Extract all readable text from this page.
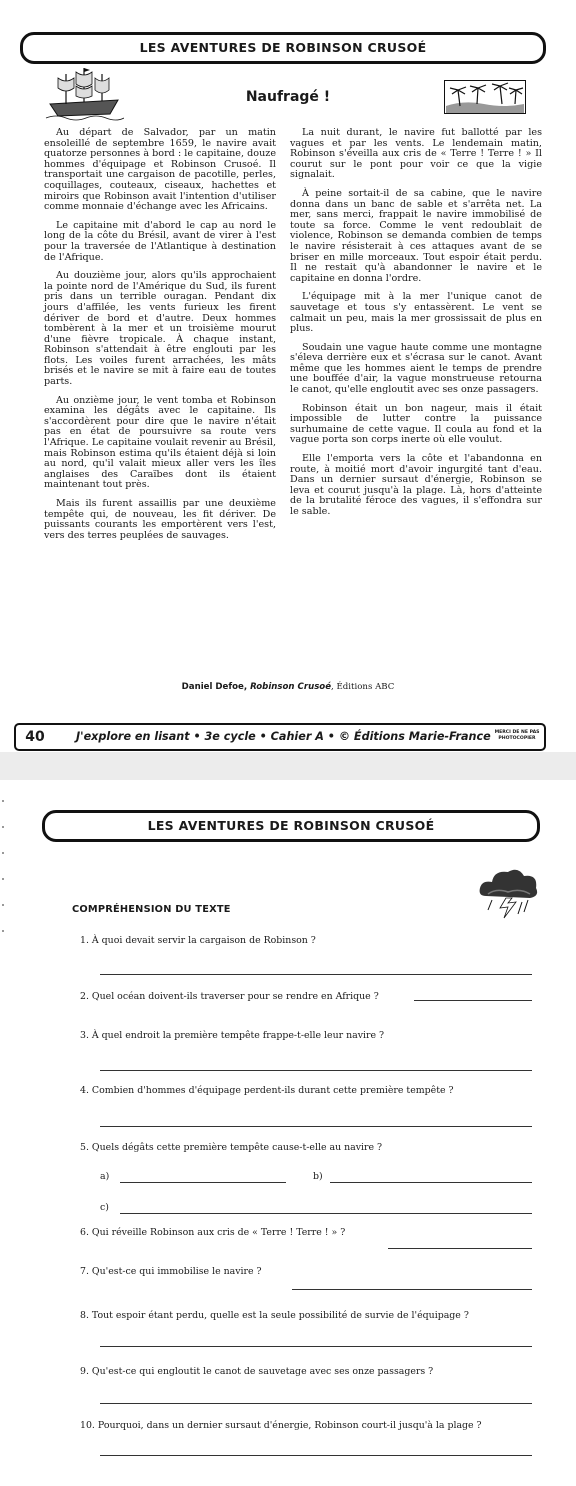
LES AVENTURES DE ROBINSON CRUSOÉ
Naufragé !

Au départ de Salvador, par un matin ensoleillé de septembre 1659, le navire avait quatorze personnes à bord : le capitaine, douze hommes d'équipage et Robinson Crusoé. Il transportait une cargaison de pacotille, perles, coquillages, couteaux, ciseaux, hachettes et miroirs que Robinson avait l'intention d'utiliser comme monnaie d'échange avec les Africains.

Le capitaine mit d'abord le cap au nord le long de la côte du Brésil, avant de virer à l'est pour la traversée de l'Atlantique à destination de l'Afrique.

Au douzième jour, alors qu'ils approchaient la pointe nord de l'Amérique du Sud, ils furent pris dans un terrible ouragan. Pendant dix jours d'affilée, les vents furieux les firent dériver de bord et d'autre. Deux hommes tombèrent à la mer et un troisième mourut d'une fièvre tropicale. À chaque instant, Robinson s'attendait à être englouti par les flots. Les voiles furent arrachées, les mâts brisés et le navire se mit à faire eau de toutes parts.

Au onzième jour, le vent tomba et Robinson examina les dégâts avec le capitaine. Ils s'accordèrent pour dire que le navire n'était pas en état de poursuivre sa route vers l'Afrique. Le capitaine voulait revenir au Brésil, mais Robinson estima qu'ils étaient déjà si loin au nord, qu'il valait mieux aller vers les îles anglaises des Caraïbes dont ils étaient maintenant tout près.

Mais ils furent assaillis par une deuxième tempête qui, de nouveau, les fit dériver. De puissants courants les emportèrent vers l'est, vers des terres peuplées de sauvages.

La nuit durant, le navire fut ballotté par les vagues et par les vents. Le lendemain matin, Robinson s'éveilla aux cris de « Terre ! Terre ! » Il courut sur le pont pour voir ce que la vigie signalait.

À peine sortait-il de sa cabine, que le navire donna dans un banc de sable et s'arrêta net. La mer, sans merci, frappait le navire immobilisé de toute sa force. Comme le vent redoublait de violence, Robinson se demanda combien de temps le navire résisterait à ces attaques avant de se briser en mille morceaux. Tout espoir était perdu. Il ne restait qu'à abandonner le navire et le capitaine en donna l'ordre.

L'équipage mit à la mer l'unique canot de sauvetage et tous s'y entassèrent. Le vent se calmait un peu, mais la mer grossissait de plus en plus.

Soudain une vague haute comme une montagne s'éleva derrière eux et s'écrasa sur le canot. Avant même que les hommes aient le temps de prendre une bouffée d'air, la vague monstrueuse retourna le canot, qu'elle engloutit avec ses onze passagers.

Robinson était un bon nageur, mais il était impossible de lutter contre la puissance surhumaine de cette vague. Il coula au fond et la vague porta son corps inerte où elle voulut.

Elle l'emporta vers la côte et l'abandonna en route, à moitié mort d'avoir ingurgité tant d'eau. Dans un dernier sursaut d'énergie, Robinson se leva et courut jusqu'à la plage. Là, hors d'atteinte de la brutalité féroce des vagues, il s'effondra sur le sable.

Daniel Defoe, Robinson Crusoé, Éditions ABC
40	J'explore en lisant • 3e cycle • Cahier A • © Éditions Marie-France MERCI DE NE PAS PHOTOCOPIER
LES AVENTURES DE ROBINSON CRUSOÉ
COMPRÉHENSION DU TEXTE
1. À quoi devait servir la cargaison de Robinson ?
2. Quel océan doivent-ils traverser pour se rendre en Afrique ?
3. À quel endroit la première tempête frappe-t-elle leur navire ?
4. Combien d'hommes d'équipage perdent-ils durant cette première tempête ?
5. Quels dégâts cette première tempête cause-t-elle au navire ?
a)	b)
c)
6. Qui réveille Robinson aux cris de « Terre ! Terre ! » ?
7. Qu'est-ce qui immobilise le navire ?
8. Tout espoir étant perdu, quelle est la seule possibilité de survie de l'équipage ?
9. Qu'est-ce qui engloutit le canot de sauvetage avec ses onze passagers ?
10. Pourquoi, dans un dernier sursaut d'énergie, Robinson court-il jusqu'à la plage ?
